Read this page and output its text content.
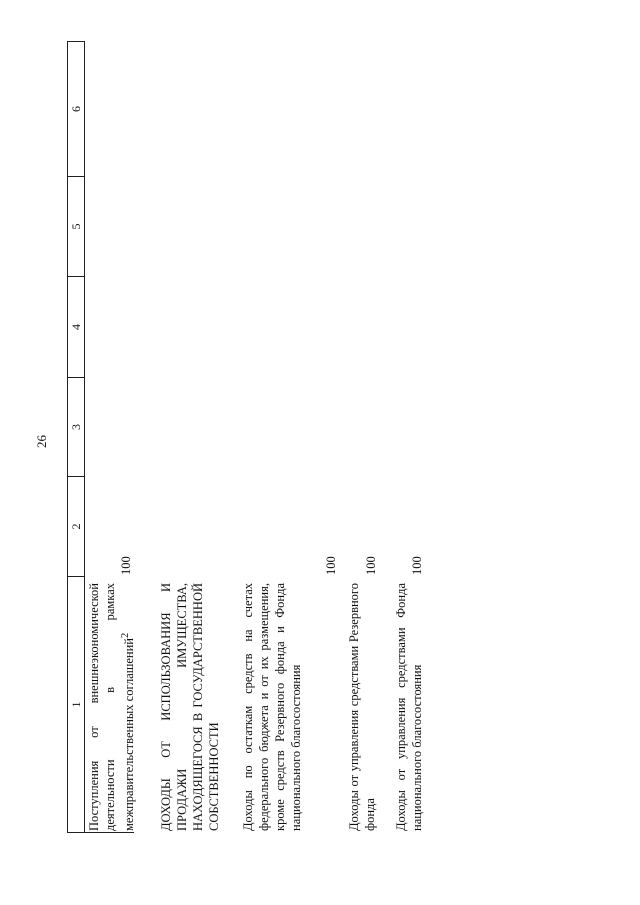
26
1
2
3
4
5
6
Поступления от внешнеэкономической деятельности в рамках межправительственных соглашений$^2$
100
ДОХОДЫ ОТ ИСПОЛЬЗОВАНИЯ И ПРОДАЖИ ИМУЩЕСТВА, НАХОДЯЩЕГОСЯ В ГОСУДАРСТВЕННОЙ СОБСТВЕННОСТИ Доходы по остаткам средств на счетах федерального бюджета и от их размещения, кроме средств Резервного фонда и Фонда национального благосостояния
100
Доходы от управления средствами Резервного фонда
100
Доходы от управления средствами Фонда национального благосостояния
100
